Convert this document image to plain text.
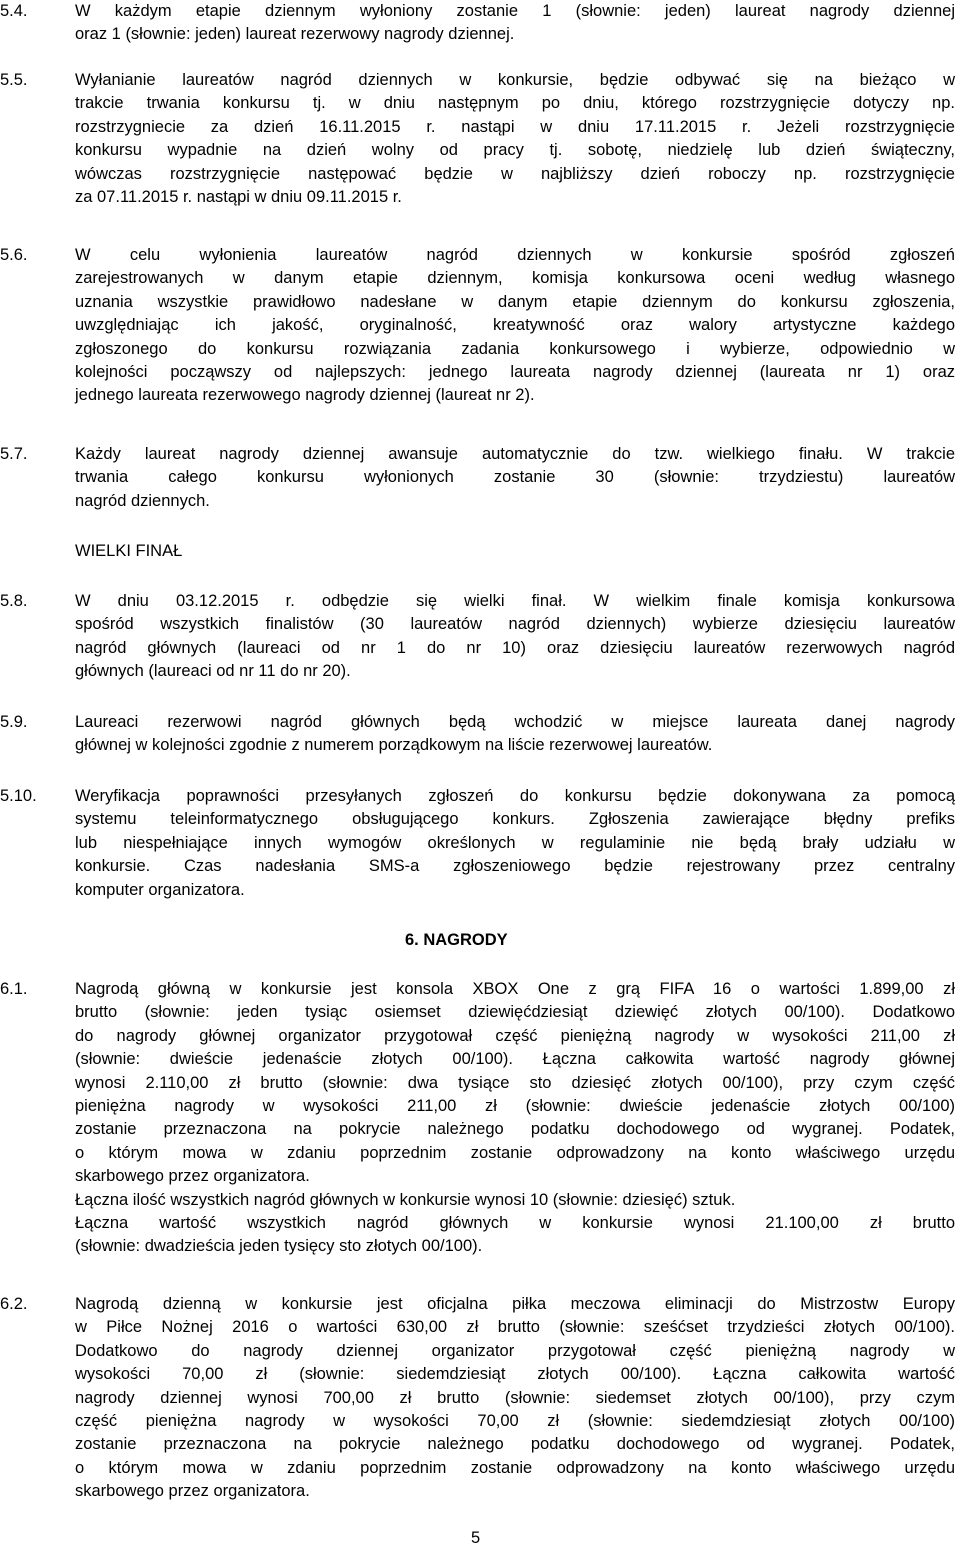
5.4.	W każdym etapie dziennym wyłoniony zostanie 1 (słownie: jeden) laureat nagrody dziennej
oraz 1 (słownie: jeden) laureat rezerwowy nagrody dziennej.
5.5.	Wyłanianie laureatów nagród dziennych w konkursie, będzie odbywać się na bieżąco w
trakcie trwania konkursu tj. w dniu następnym po dniu, którego rozstrzygnięcie dotyczy np.
rozstrzygniecie za dzień 16.11.2015 r. nastąpi w dniu 17.11.2015 r. Jeżeli rozstrzygnięcie
konkursu wypadnie na dzień wolny od pracy tj. sobotę, niedzielę lub dzień świąteczny,
wówczas rozstrzygnięcie następować będzie w najbliższy dzień roboczy np. rozstrzygnięcie
za 07.11.2015 r. nastąpi w dniu 09.11.2015 r.
5.6.	W celu wyłonienia laureatów nagród dziennych w konkursie spośród zgłoszeń
zarejestrowanych w danym etapie dziennym, komisja konkursowa oceni według własnego
uznania wszystkie prawidłowo nadesłane w danym etapie dziennym do konkursu zgłoszenia,
uwzględniając ich jakość, oryginalność, kreatywność oraz walory artystyczne każdego
zgłoszonego do konkursu rozwiązania zadania konkursowego i wybierze, odpowiednio w
kolejności począwszy od najlepszych: jednego laureata nagrody dziennej (laureata nr 1) oraz
jednego laureata rezerwowego nagrody dziennej (laureat nr 2).
5.7.	Każdy laureat nagrody dziennej awansuje automatycznie do tzw. wielkiego finału. W trakcie
trwania całego konkursu wyłonionych zostanie 30 (słownie: trzydziestu) laureatów
nagród dziennych.
WIELKI FINAŁ
5.8.	W dniu 03.12.2015 r. odbędzie się wielki finał. W wielkim finale komisja konkursowa
spośród wszystkich finalistów (30 laureatów nagród dziennych) wybierze dziesięciu laureatów
nagród głównych (laureaci od nr 1 do nr 10) oraz dziesięciu laureatów rezerwowych nagród
głównych (laureaci od nr 11 do nr 20).
5.9.	Laureaci rezerwowi nagród głównych będą wchodzić w miejsce laureata danej nagrody
głównej w kolejności zgodnie z numerem porządkowym na liście rezerwowej laureatów.
5.10.	Weryfikacja poprawności przesyłanych zgłoszeń do konkursu będzie dokonywana za pomocą
systemu teleinformatycznego obsługującego konkurs. Zgłoszenia zawierające błędny prefiks
lub niespełniające innych wymogów określonych w regulaminie nie będą brały udziału w
konkursie. Czas nadesłania SMS-a zgłoszeniowego będzie rejestrowany przez centralny
komputer organizatora.
6. NAGRODY
6.1.	Nagrodą główną w konkursie jest konsola XBOX One z grą FIFA 16 o wartości 1.899,00 zł
brutto (słownie: jeden tysiąc osiemset dziewięćdziesiąt dziewięć złotych 00/100). Dodatkowo
do nagrody głównej organizator przygotował część pieniężną nagrody w wysokości 211,00 zł
(słownie: dwieście jedenaście złotych 00/100). Łączna całkowita wartość nagrody głównej
wynosi 2.110,00 zł brutto (słownie: dwa tysiące sto dziesięć złotych 00/100), przy czym część
pieniężna nagrody w wysokości 211,00 zł (słownie: dwieście jedenaście złotych 00/100)
zostanie przeznaczona na pokrycie należnego podatku dochodowego od wygranej. Podatek,
o którym mowa w zdaniu poprzednim zostanie odprowadzony na konto właściwego urzędu
skarbowego przez organizatora.
Łączna ilość wszystkich nagród głównych w konkursie wynosi 10 (słownie: dziesięć) sztuk.
Łączna wartość wszystkich nagród głównych w konkursie wynosi 21.100,00 zł brutto
(słownie: dwadzieścia jeden tysięcy sto złotych 00/100).
6.2.	Nagrodą dzienną w konkursie jest oficjalna piłka meczowa eliminacji do Mistrzostw Europy
w Piłce Nożnej 2016 o wartości 630,00 zł brutto (słownie: sześćset trzydzieści złotych 00/100).
Dodatkowo do nagrody dziennej organizator przygotował część pieniężną nagrody w
wysokości 70,00 zł (słownie: siedemdziesiąt złotych 00/100). Łączna całkowita wartość
nagrody dziennej wynosi 700,00 zł brutto (słownie: siedemset złotych 00/100), przy czym
część pieniężna nagrody w wysokości 70,00 zł (słownie: siedemdziesiąt złotych 00/100)
zostanie przeznaczona na pokrycie należnego podatku dochodowego od wygranej. Podatek,
o którym mowa w zdaniu poprzednim zostanie odprowadzony na konto właściwego urzędu
skarbowego przez organizatora.
5
